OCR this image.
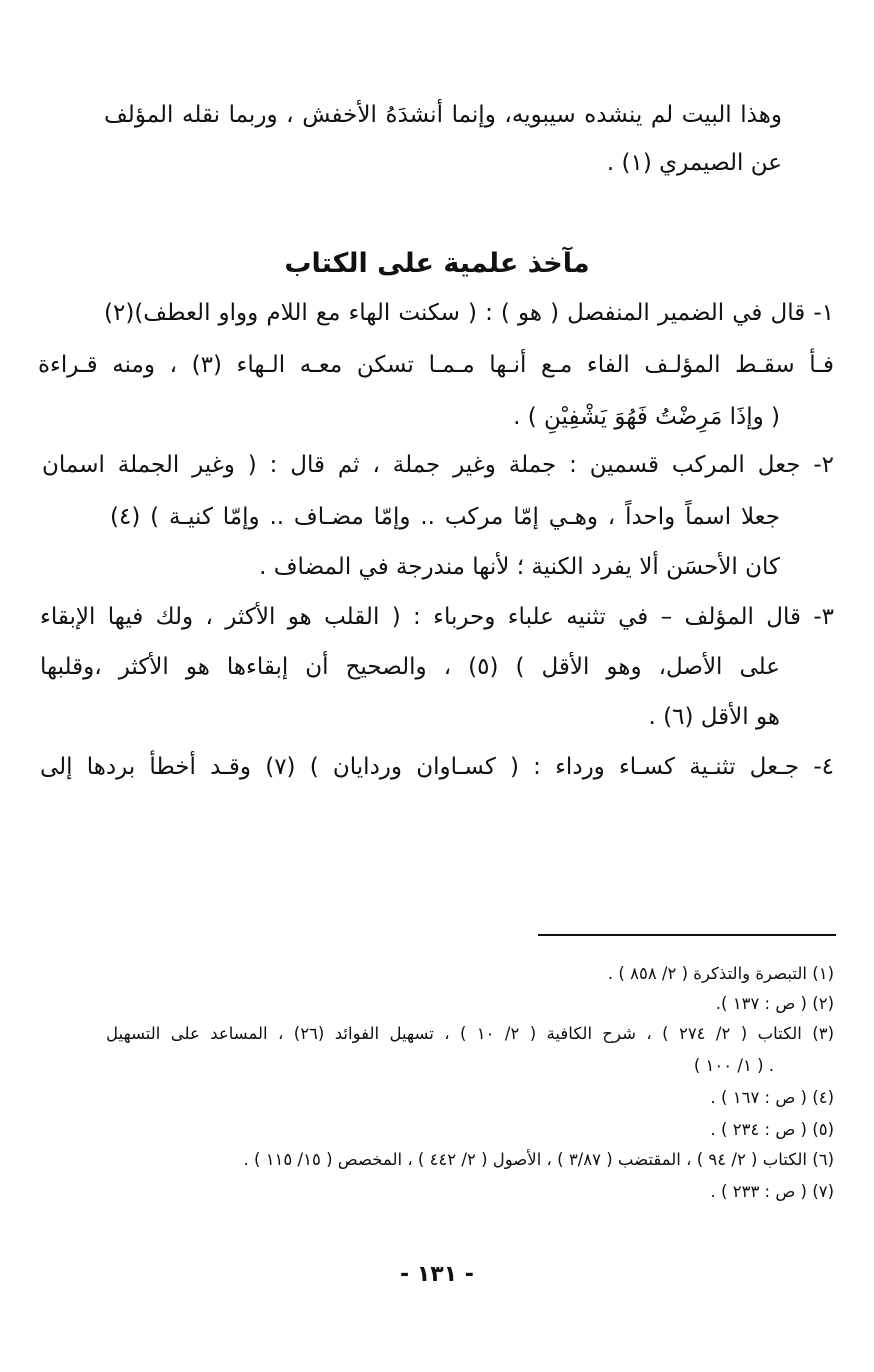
وهذا البيت لم ينشده سيبويه، وإنما أنشدَهُ الأخفش ، وربما نقله المؤلف
عن الصيمري (١) .
مآخذ علمية على الكتاب
١- قال في الضمير المنفصل ( هو ) : ( سكنت الهاء مع اللام وواو العطف)(٢)
فـأ سقـط المؤلـف الفاء مـع أنـها مـمـا تسكن معـه الـهاء (٣) ، ومنه قـراءة
( وإذَا مَرِضْتُ فَهُوَ يَشْفِيْنِ ) .
٢- جعل المركب قسمين : جملة وغير جملة ، ثم قال : ( وغير الجملة اسمان
جعلا اسماً واحداً ، وهـي إمّا مركب .. وإمّا مضـاف .. وإمّا كنيـة ) (٤)
كان الأحسَن ألا يفرد الكنية ؛ لأنها مندرجة في المضاف .
٣- قال المؤلف – في تثنيه علباء وحرباء : ( القلب هو الأكثر ، ولك فيها الإبقاء
على الأصل، وهو الأقل ) (٥) ، والصحيح أن إبقاءها هو الأكثر ،وقلبها
هو الأقل (٦) .
٤- جـعل تثنـية كسـاء ورداء : ( كسـاوان وردايان ) (٧) وقـد أخطأ بردها إلى
(١) التبصرة والتذكرة ( ٢/ ٨٥٨ ) .
(٢) ( ص : ١٣٧ ).
(٣) الكتاب ( ٢/ ٢٧٤ ) ، شرح الكافية ( ٢/ ١٠ ) ، تسهيل الفوائد (٢٦) ، المساعد على التسهيل
( ١/ ١٠٠ ) .
(٤) ( ص : ١٦٧ ) .
(٥) ( ص : ٢٣٤ ) .
(٦) الكتاب ( ٢/ ٩٤ ) ، المقتضب ( ٣/٨٧ ) ، الأصول ( ٢/ ٤٤٢ ) ، المخصص ( ١٥/ ١١٥ ) .
(٧) ( ص : ٢٣٣ ) .
- ١٣١ -
